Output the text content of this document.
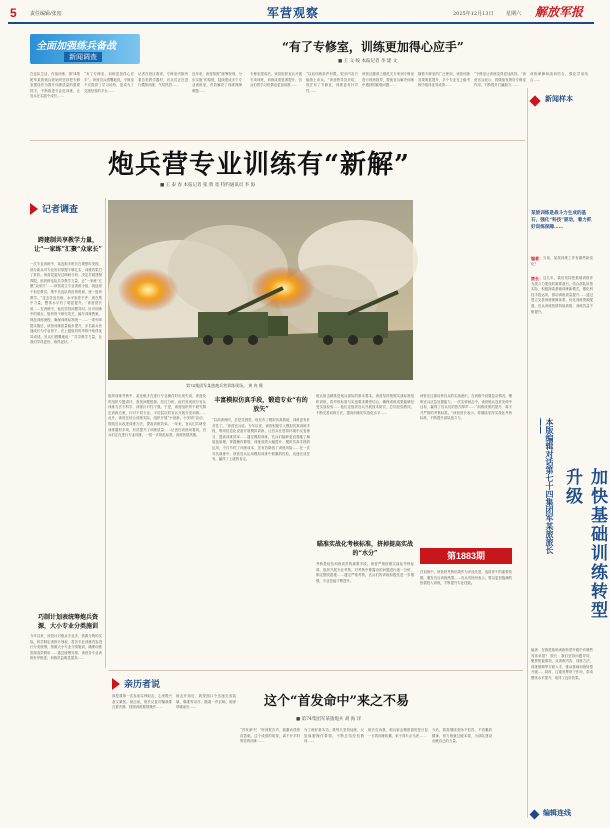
5	责任编辑/张密	军营观察	2025年12月13日	星期六 解放军报
全面加强练兵备战
新闻调查
在连队生活，作战训练，第74集团军某旅炮兵营始终坚持把专修室建设作为提升训练质量的重要抓手，不断推进专业化训练，让官兵在实践中成长……
“有了专修室，训练更加得心应手”。该营官兵感慨地说，专修室不仅提供了学习场所，更成为了交流经验的平台……
记者在营区看到，专修室内陈列着各类教学器材，官兵们正在进行模拟训练，气氛热烈……
近年来，该营按照“统筹规划、分步实施”的原则，陆续建成多个专业训练室，有效解决了训练保障难题……
“有了专修室，训练更加得心应手”
■ 王 义 蛟 本报记者 李 建 文
专修室建成后，该营组织官兵开展专项训练，训练成绩显著提升，官兵们的学习热情也更加高涨……
“以前训练条件有限，很多内容只能纸上谈兵。”该营教导员介绍，现在有了专修室，训练更有针对性……
该营还邀请上级机关专家到专修室进行现场指导，帮助官兵解决训练中遇到的疑难问题……
随着专修室的广泛使用，该营训练效果明显提升，多个专业在上级考核中取得优异成绩……
“专修室让训练变得更加高效。”该营官兵表示，将继续发挥好专修室作用，不断提升打赢能力……
训练保障和战训结合，强化学用结合……
新闻样本
炮兵营专业训练有“新解”
■ 王 泰 春 本报记者 张 典 宽 特约通讯员 李 海
记者调查
第74集团军某旅炮兵营训练现场。 黄 冉 摄
跨建制共享教学力量，让“一家练”汇聚“众家长”
一次专业训练中，某连炮手班长在观察时发现，部分新兵对专业知识掌握不够扎实，训练效果打了折扣。该营党委经过调研分析，决定打破建制界限，组织跨连队共享教学力量，让“一家练”汇聚“众家长”……该营成立专业训练小组，挑选骨干担任教员，集中各连队的优势资源，统一组织教学。“过去各连各练，水平参差不齐；现在集中力量，整体水平有了明显提升。”该营营长说……在训练中，他们坚持问题导向，针对训练中的难点，组织骨干研究攻关，编写训练教案，规范训练流程，确保训练标准统一……一系列举措实施后，该营训练质量稳步提升，多名新兵快速成长为专业骨干，在上级组织的考核中取得优异成绩。官兵们感慨地说：“共享教学力量，让我们学得更快、练得更好。”
巧制计划表统筹炮兵资源，大小专业分类施训
今年以来，该营针对炮兵专业多、资源分散的实际，科学制定训练计划表，将各专业训练内容进行分类统筹，按照大小专业分别施训，确保训练资源高效利用……通过统筹安排，该营各专业训练有序推进，训练效益明显提高……
组织训练考核中，某连炮手在进行专业操作时出现失误，该营及时组织专题讲评，查找问题根源。经过分析，他们发现部分官兵训练方法不科学，训练针对性不强。于是，该营组织骨干研究制定训练方案，针对不同专业、不同层次的官兵开展分类训练……此外，该营还结合训练实际，组织开展“小创新、小发明”活动，鼓励官兵改进训练方法，提高训练效率。一年来，官兵们共研发训练器材多项，有效提升了训练质量……记者在训练场看到，官兵们正在进行专业训练，一招一式规范标准，训练热情高涨。
丰富模拟仿真手段，锻造专业“有的放矢”
“以前训练时，总是凭感觉，现在有了模拟仿真系统，训练更有针对性了。”该营官兵说。今年以来，该营积极引入模拟仿真训练手段，利用信息化设备开展模拟训练，让官兵在虚拟环境中反复练习，提高训练效率……通过模拟训练，官兵们能够更直观地了解装备原理，掌握操作要领，训练成绩大幅提升。模拟仿真手段的运用，不仅节约了训练成本，还有效降低了训练风险……在一次对抗演练中，该营官兵运用模拟训练中积累的经验，迅速完成任务，赢得了上级的肯定。
炮兵射击精准是炮兵部队的基本要求。该营坚持按照实战标准组织训练，将考核标准与实战要求紧密结合，确保训练成果能够经受实战检验……他们还组织官兵开展战术研讨，总结经验教训，不断完善训练方法，提高训练的实战化水平……
瞄准实战化考核标准，挤掉提高实战的“水分”
考核是检验训练成效的重要手段。该营严格按照实战化考核标准，组织开展专业考核，对考核中暴露出的问题进行逐一分析，制定整改措施……通过严格考核，官兵们的训练积极性进一步增强，专业技能不断提升。
该营还注重培养官兵的实战意识，在训练中设置复杂情况，锤炼官兵应急处置能力。一次实弹射击中，该营炮兵连首发命中目标，赢得了官兵们的热烈掌声……“训练成绩的提升，离不开严格的考核标准。”该营营长表示，将继续坚持实战化考核标准，不断提升部队战斗力。
第1883期
在训练中，该营把考核结果作为评选先进、选拔骨干的重要依据，激发官兵训练热情……官兵们纷纷表示，要以更加饱满的热情投入训练，不断提升专业技能。
某旅训练是战斗力生成的基石，强化“科技”驱动，着力抓好训练保障……
编者： 当前，某旅训练工作有哪些新变化？
旅长： 这几年，我们坚持把基础训练作为战斗力建设的重要基石，结合部队转型实际，积极探索基础训练新模式，强化科技手段运用，推动训练质量提升……通过建立完善训练保障体系，优化训练资源配置，官兵训练热情持续高涨，训练效益不断提升。
本版编辑对话第七十四集团军某旅旅长——
加快基础训练转型升级
编者：在推进基础训练转型升级中有哪些具体举措？ 旅长：我们坚持问题导向，聚焦短板弱项，从训练内容、训练方法、训练保障等方面入手，推动基础训练转型升级……同时，注重发挥骨干作用，带动整体水平提升，取得了良好效果。
编辑连线
亲历者说
这个“首发命中”来之不易
■ 第74集团军某旅炮兵 胡 海 洋
那是我第一次参加实弹射击，心里既兴奋又紧张。射击前，班长反复叮嘱我要沉着冷静，按照训练要领操作……
射击开始后，我按照口令迅速完成装填、瞄准等动作，随着一声巨响，炮弹呼啸而出……
“首发命中！”听到报告声，我激动得热泪盈眶。这个成绩的取得，离不开平时刻苦的训练……
为了练好基本功，我每天坚持加练，反复琢磨操作要领，不断总结经验教训……
班长告诉我，炮兵射击精度靠的是日复一日的训练积累，来不得半点马虎……
今后，我将继续发扬不怕苦、不怕累的精神，努力练就过硬本领，为部队建设贡献自己的力量。
